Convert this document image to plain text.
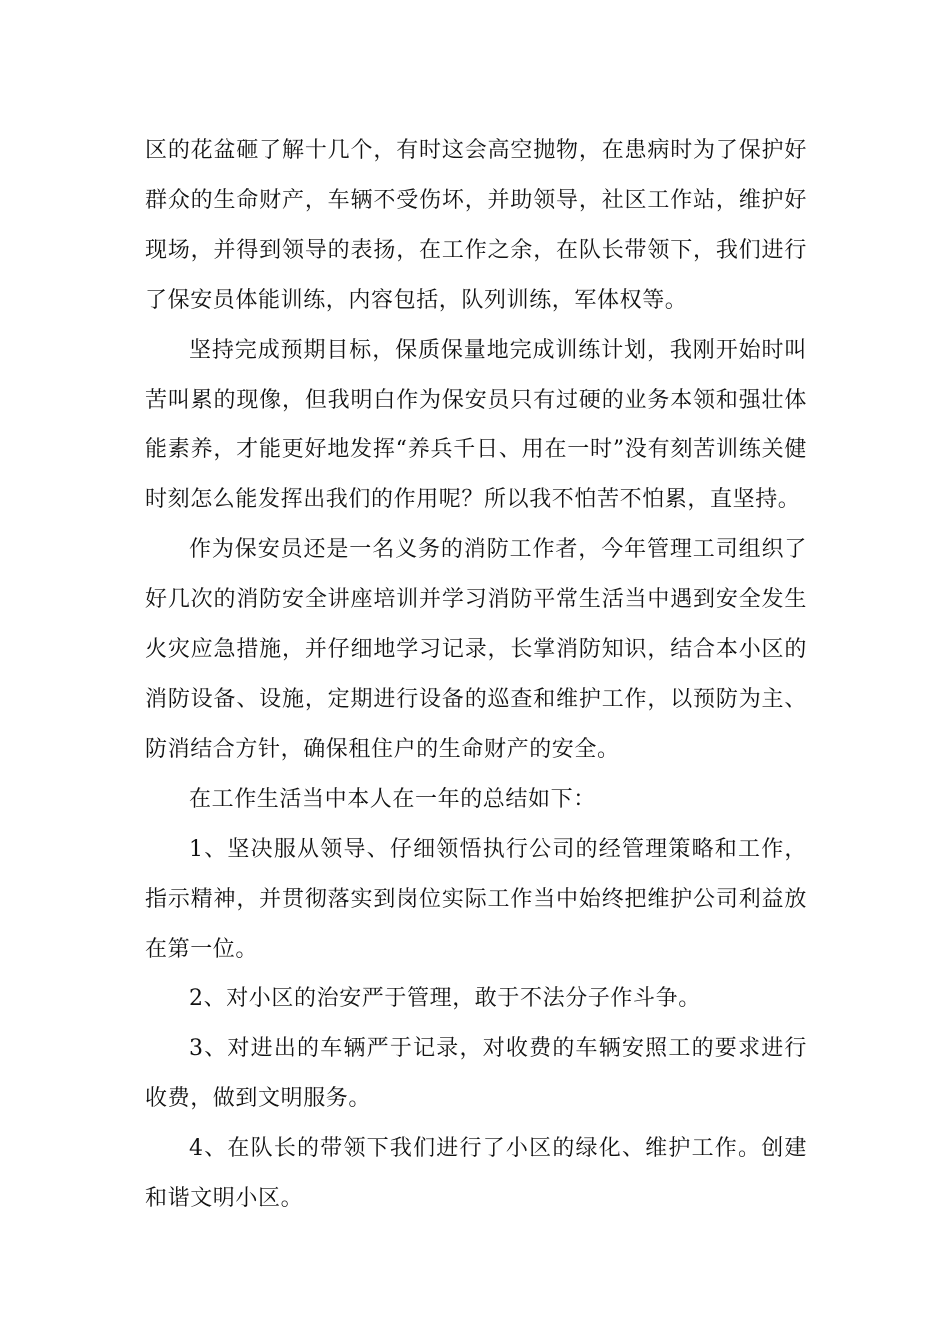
区的花盆砸了解十几个，有时这会高空抛物，在患病时为了保护好群众的生命财产，车辆不受伤坏，并助领导，社区工作站，维护好现场，并得到领导的表扬，在工作之余，在队长带领下，我们进行了保安员体能训练，内容包括，队列训练，军体权等。

坚持完成预期目标，保质保量地完成训练计划，我刚开始时叫苦叫累的现像，但我明白作为保安员只有过硬的业务本领和强壮体能素养，才能更好地发挥“养兵千日、用在一时”没有刻苦训练关健时刻怎么能发挥出我们的作用呢？所以我不怕苦不怕累，直坚持。

作为保安员还是一名义务的消防工作者，今年管理工司组织了好几次的消防安全讲座培训并学习消防平常生活当中遇到安全发生火灾应急措施，并仔细地学习记录，长掌消防知识，结合本小区的消防设备、设施，定期进行设备的巡查和维护工作，以预防为主、防消结合方针，确保租住户的生命财产的安全。

在工作生活当中本人在一年的总结如下：

1、坚决服从领导、仔细领悟执行公司的经管理策略和工作，指示精神，并贯彻落实到岗位实际工作当中始终把维护公司利益放在第一位。

2、对小区的治安严于管理，敢于不法分子作斗争。

3、对进出的车辆严于记录，对收费的车辆安照工的要求进行收费，做到文明服务。

4、在队长的带领下我们进行了小区的绿化、维护工作。创建和谐文明小区。
